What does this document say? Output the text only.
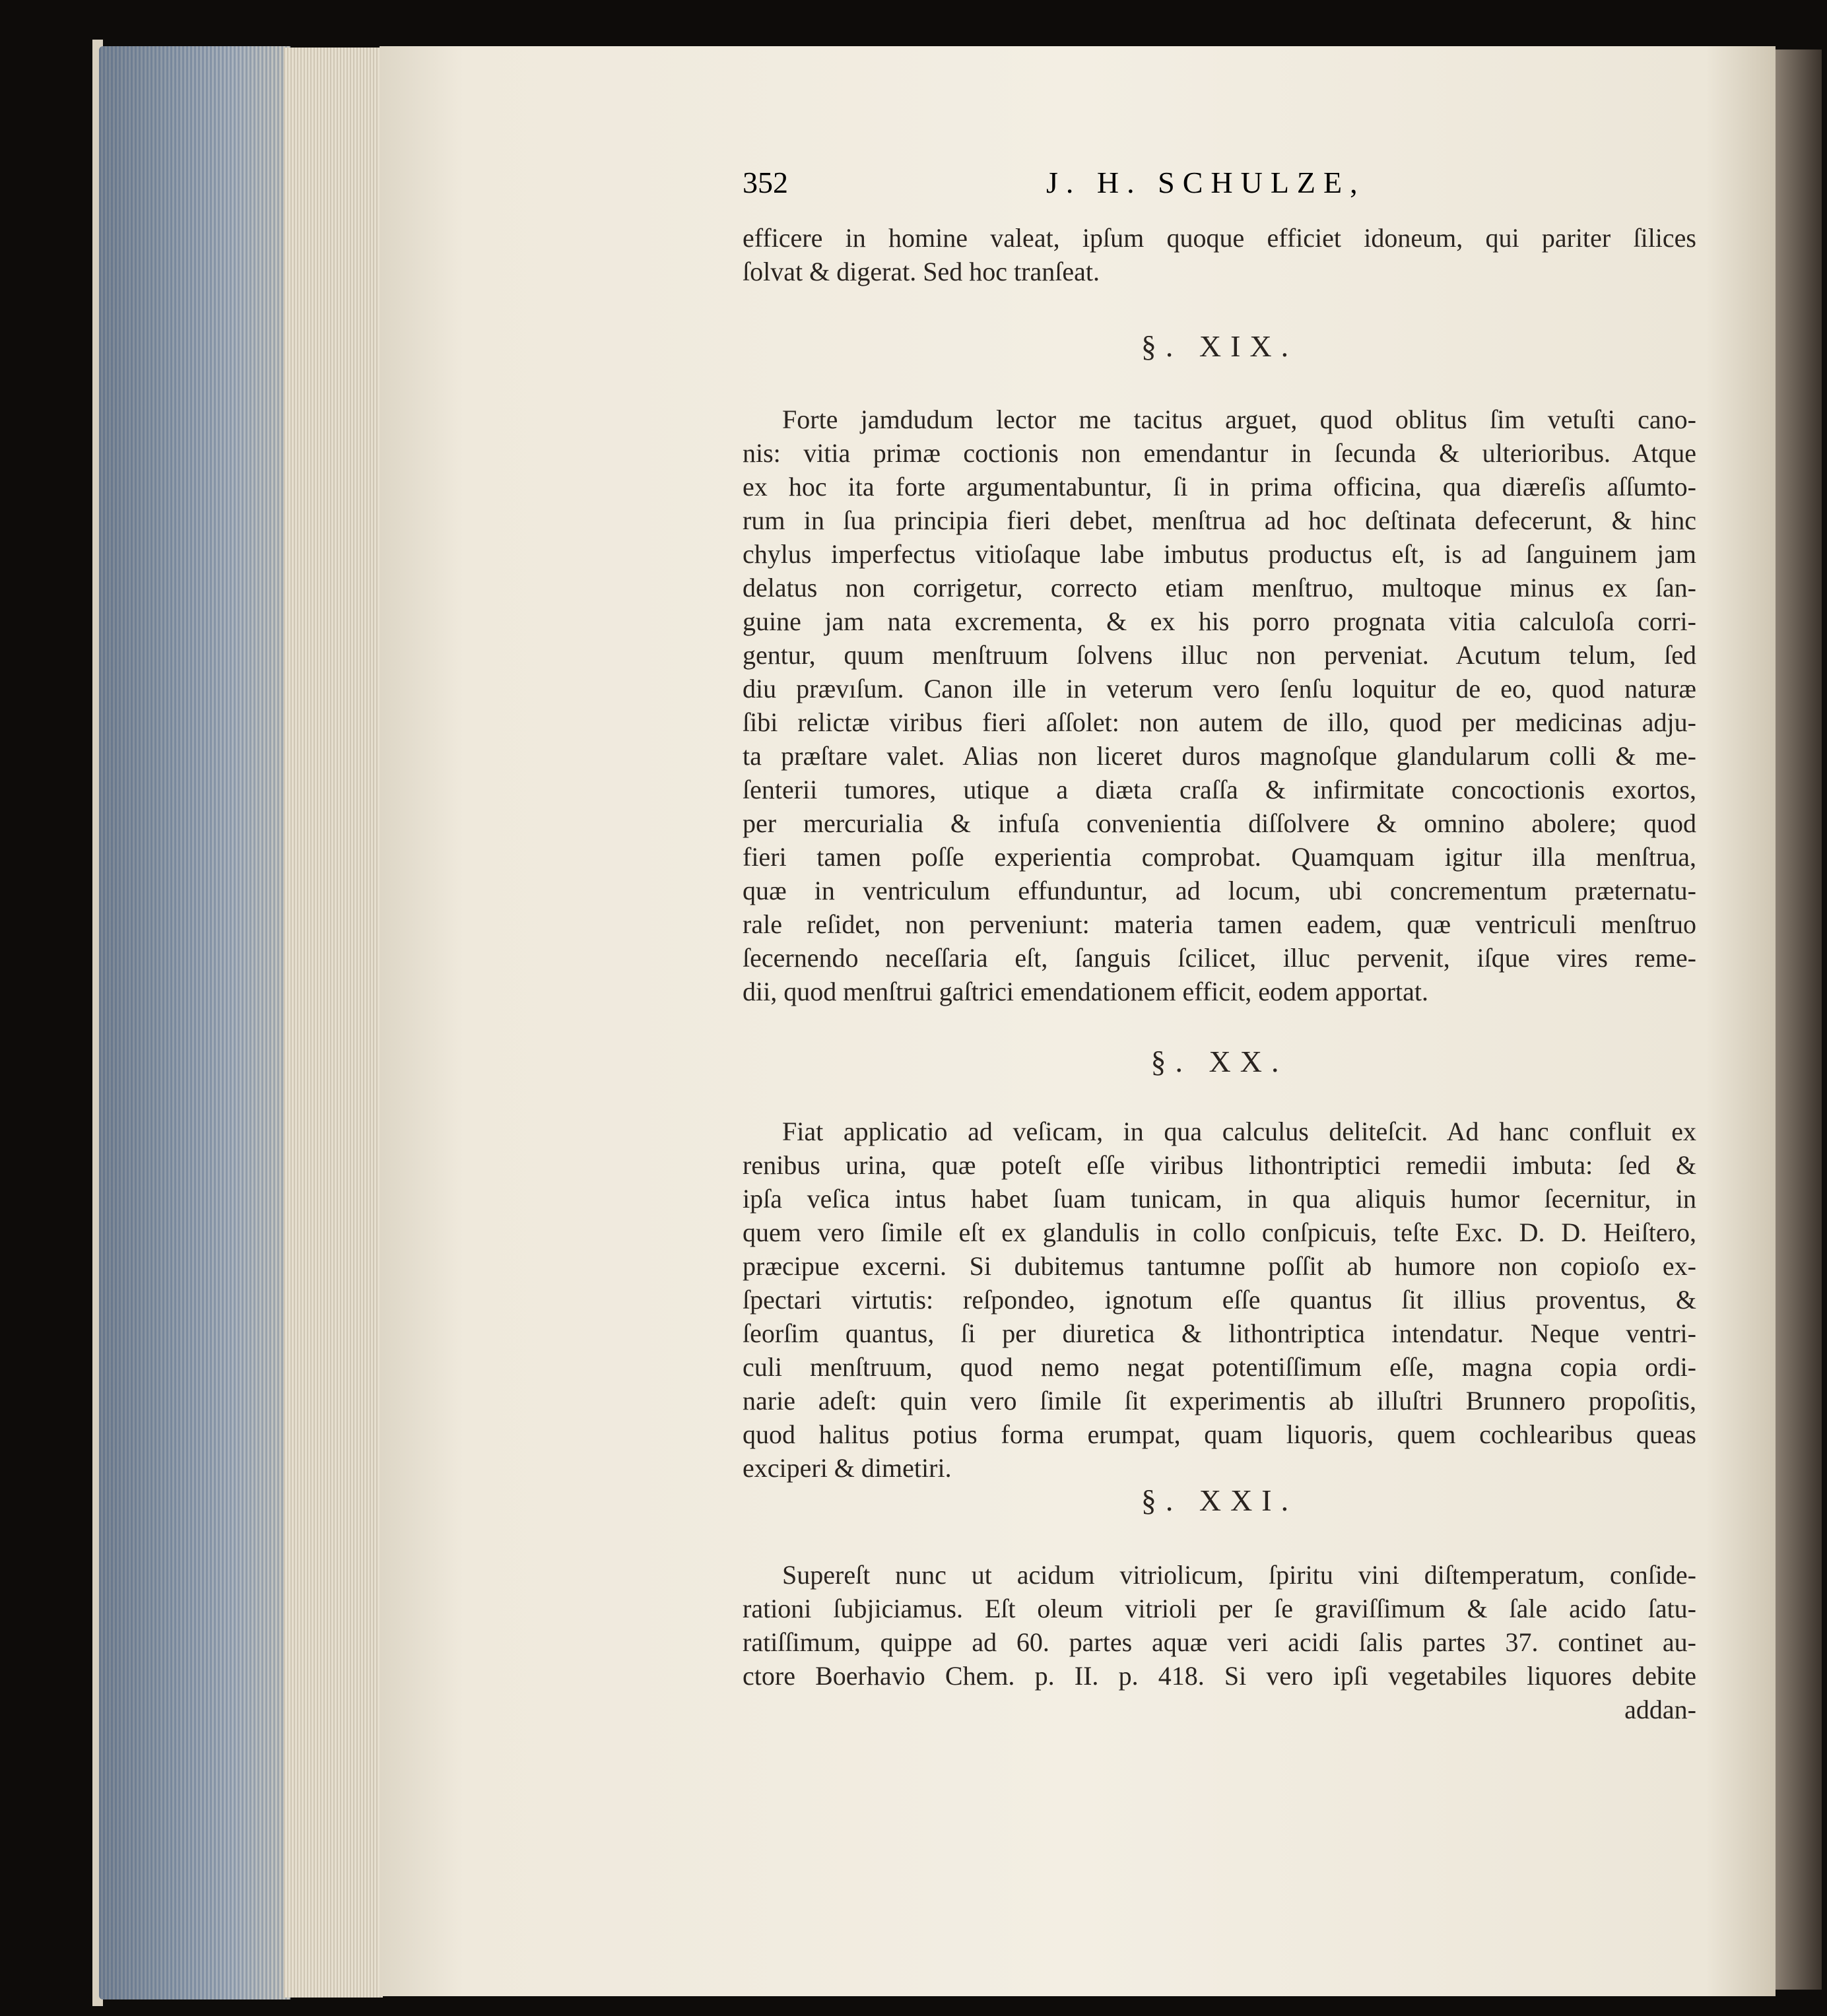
352	J. H. SCHULZE,
efficere in homine valeat, ipſum quoque efficiet idoneum, qui pariter ſilices
ſolvat & digerat. Sed hoc tranſeat.
§. XIX.
Forte jamdudum lector me tacitus arguet, quod oblitus ſim vetuſti cano-
nis: vitia primæ coctionis non emendantur in ſecunda & ulterioribus. Atque
ex hoc ita forte argumentabuntur, ſi in prima officina, qua diæreſis aſſumto-
rum in ſua principia fieri debet, menſtrua ad hoc deſtinata defecerunt, & hinc
chylus imperfectus vitioſaque labe imbutus productus eſt, is ad ſanguinem jam
delatus non corrigetur, correcto etiam menſtruo, multoque minus ex ſan-
guine jam nata excrementa, & ex his porro prognata vitia calculoſa corri-
gentur, quum menſtruum ſolvens illuc non perveniat. Acutum telum, ſed
diu prævıſum. Canon ille in veterum vero ſenſu loquitur de eo, quod naturæ
ſibi relictæ viribus fieri aſſolet: non autem de illo, quod per medicinas adju-
ta præſtare valet. Alias non liceret duros magnoſque glandularum colli & me-
ſenterii tumores, utique a diæta craſſa & infirmitate concoctionis exortos,
per mercurialia & infuſa convenientia diſſolvere & omnino abolere; quod
fieri tamen poſſe experientia comprobat. Quamquam igitur illa menſtrua,
quæ in ventriculum effunduntur, ad locum, ubi concrementum præternatu-
rale reſidet, non perveniunt: materia tamen eadem, quæ ventriculi menſtruo
ſecernendo neceſſaria eſt, ſanguis ſcilicet, illuc pervenit, iſque vires reme-
dii, quod menſtrui gaſtrici emendationem efficit, eodem apportat.
§. XX.
Fiat applicatio ad veſicam, in qua calculus deliteſcit. Ad hanc confluit ex
renibus urina, quæ poteſt eſſe viribus lithontriptici remedii imbuta: ſed &
ipſa veſica intus habet ſuam tunicam, in qua aliquis humor ſecernitur, in
quem vero ſimile eſt ex glandulis in collo conſpicuis, teſte Exc. D. D. Heiſtero,
præcipue excerni. Si dubitemus tantumne poſſit ab humore non copioſo ex-
ſpectari virtutis: reſpondeo, ignotum eſſe quantus ſit illius proventus, &
ſeorſim quantus, ſi per diuretica & lithontriptica intendatur. Neque ventri-
culi menſtruum, quod nemo negat potentiſſimum eſſe, magna copia ordi-
narie adeſt: quin vero ſimile ſit experimentis ab illuſtri Brunnero propoſitis,
quod halitus potius forma erumpat, quam liquoris, quem cochlearibus queas
exciperi & dimetiri.
§. XXI.
Supereſt nunc ut acidum vitriolicum, ſpiritu vini diſtemperatum, conſide-
rationi ſubjiciamus. Eſt oleum vitrioli per ſe graviſſimum & ſale acido ſatu-
ratiſſimum, quippe ad 60. partes aquæ veri acidi ſalis partes 37. continet au-
ctore Boerhavio Chem. p. II. p. 418. Si vero ipſi vegetabiles liquores debite
addan-
